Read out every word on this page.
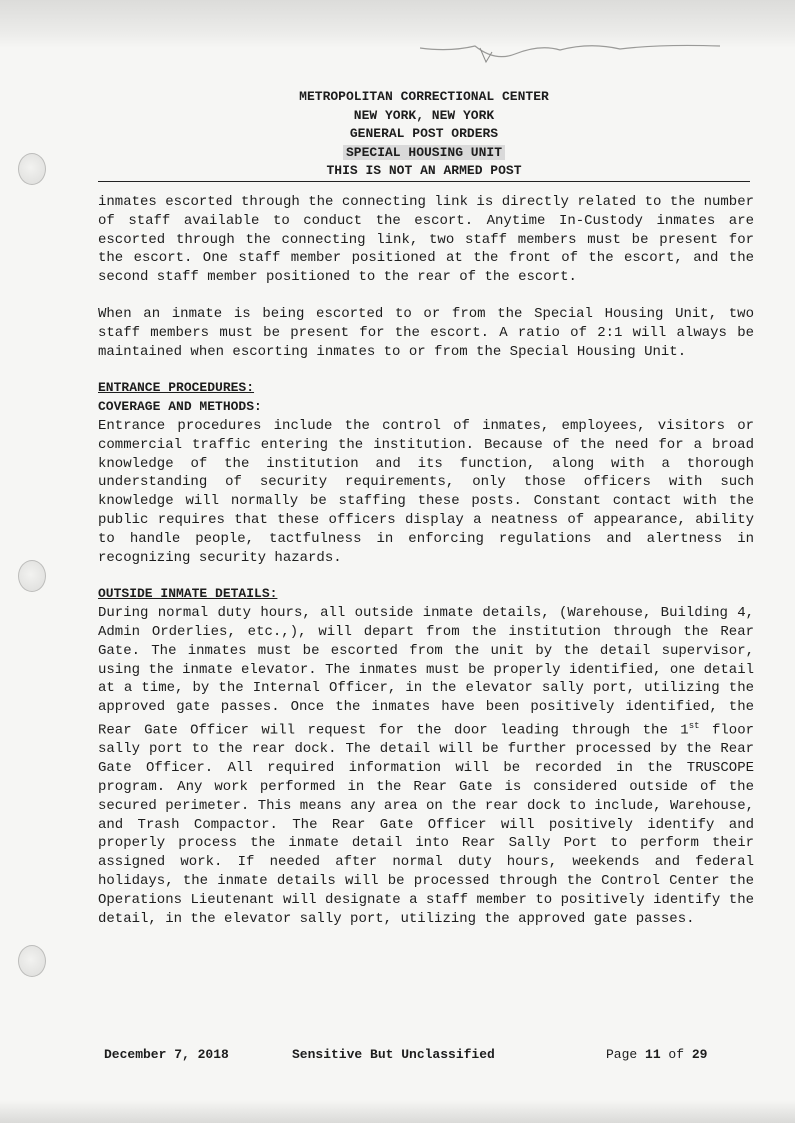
METROPOLITAN CORRECTIONAL CENTER
NEW YORK, NEW YORK
GENERAL POST ORDERS
SPECIAL HOUSING UNIT
THIS IS NOT AN ARMED POST

inmates escorted through the connecting link is directly related to the number of staff available to conduct the escort. Anytime In-Custody inmates are escorted through the connecting link, two staff members must be present for the escort. One staff member positioned at the front of the escort, and the second staff member positioned to the rear of the escort.

When an inmate is being escorted to or from the Special Housing Unit, two staff members must be present for the escort. A ratio of 2:1 will always be maintained when escorting inmates to or from the Special Housing Unit.

ENTRANCE PROCEDURES:

COVERAGE AND METHODS:

Entrance procedures include the control of inmates, employees, visitors or commercial traffic entering the institution. Because of the need for a broad knowledge of the institution and its function, along with a thorough understanding of security requirements, only those officers with such knowledge will normally be staffing these posts. Constant contact with the public requires that these officers display a neatness of appearance, ability to handle people, tactfulness in enforcing regulations and alertness in recognizing security hazards.

OUTSIDE INMATE DETAILS:

During normal duty hours, all outside inmate details, (Warehouse, Building 4, Admin Orderlies, etc.,), will depart from the institution through the Rear Gate. The inmates must be escorted from the unit by the detail supervisor, using the inmate elevator. The inmates must be properly identified, one detail at a time, by the Internal Officer, in the elevator sally port, utilizing the approved gate passes. Once the inmates have been positively identified, the Rear Gate Officer will request for the door leading through the 1st floor sally port to the rear dock. The detail will be further processed by the Rear Gate Officer. All required information will be recorded in the TRUSCOPE program. Any work performed in the Rear Gate is considered outside of the secured perimeter. This means any area on the rear dock to include, Warehouse, and Trash Compactor. The Rear Gate Officer will positively identify and properly process the inmate detail into Rear Sally Port to perform their assigned work. If needed after normal duty hours, weekends and federal holidays, the inmate details will be processed through the Control Center the Operations Lieutenant will designate a staff member to positively identify the detail, in the elevator sally port, utilizing the approved gate passes.

December 7, 2018	Sensitive But Unclassified	Page 11 of 29
